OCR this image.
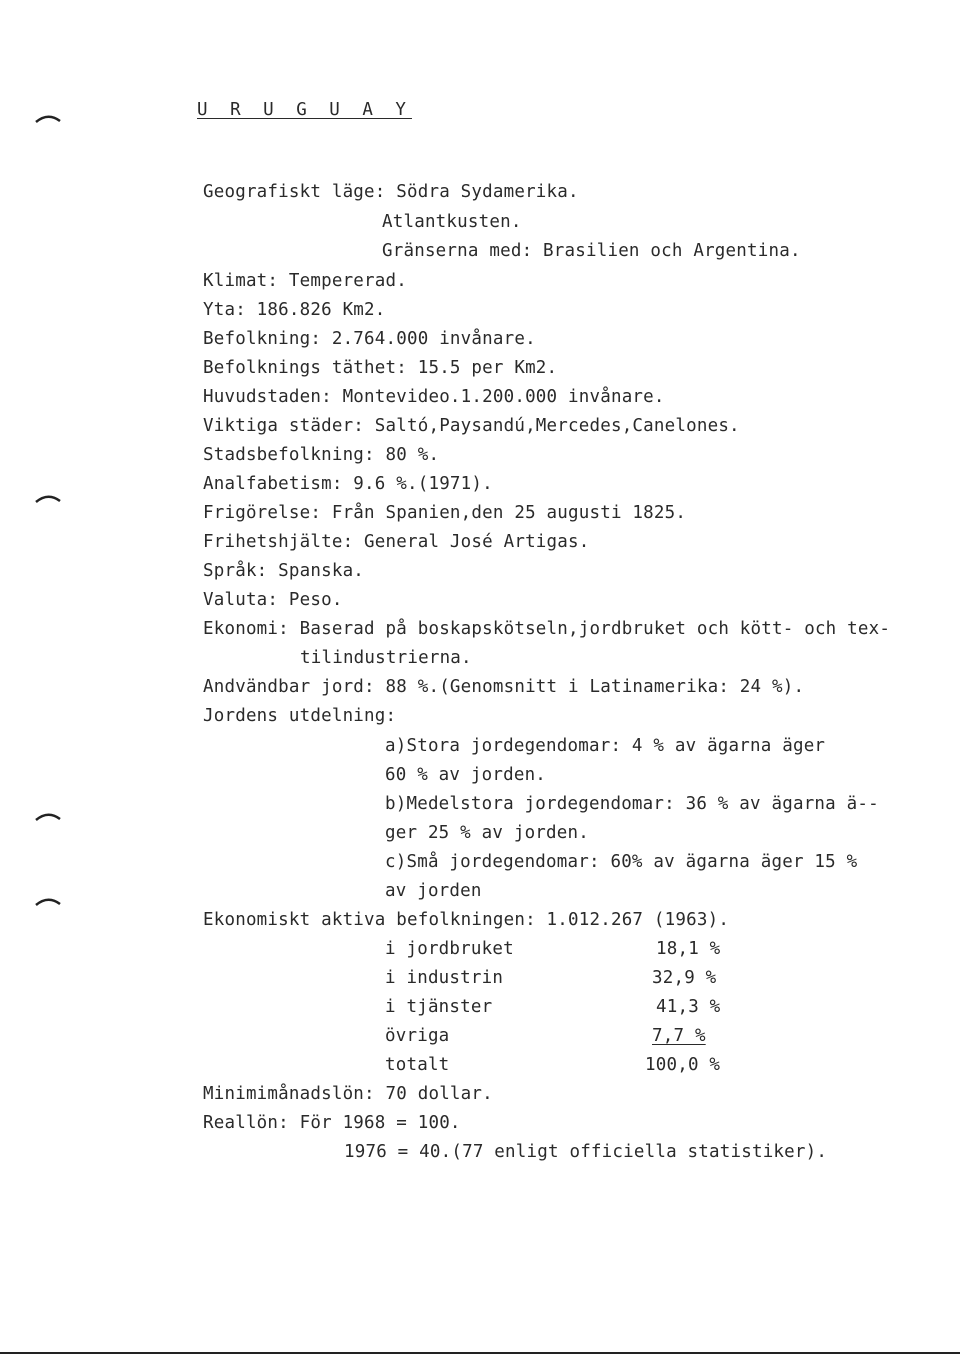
U R U G U A Y
Geografiskt läge: Södra Sydamerika.
Atlantkusten.
Gränserna med: Brasilien och Argentina.
Klimat: Tempererad.
Yta: 186.826 Km2.
Befolkning: 2.764.000 invånare.
Befolknings täthet: 15.5 per Km2.
Huvudstaden: Montevideo.1.200.000 invånare.
Viktiga städer: Saltó,Paysandú,Mercedes,Canelones.
Stadsbefolkning: 80 %.
Analfabetism: 9.6 %.(1971).
Frigörelse: Från Spanien,den 25 augusti 1825.
Frihetshjälte: General José Artigas.
Språk: Spanska.
Valuta: Peso.
Ekonomi: Baserad på boskapskötseln,jordbruket och kött- och tex-
tilindustrierna.
Andvändbar jord: 88 %.(Genomsnitt i Latinamerika: 24 %).
Jordens utdelning:
a)Stora jordegendomar: 4 % av ägarna äger
60 % av jorden.
b)Medelstora jordegendomar: 36 % av ägarna ä--
ger 25 % av jorden.
c)Små jordegendomar: 60% av ägarna äger 15 %
av jorden
Ekonomiskt aktiva befolkningen: 1.012.267 (1963).
i jordbruket	18,1 %
i industrin	32,9 %
i tjänster	41,3 %
övriga	7,7 %
totalt	100,0 %
Minimimånadslön: 70 dollar.
Reallön: För 1968 = 100.
1976 = 40.(77 enligt officiella statistiker).
